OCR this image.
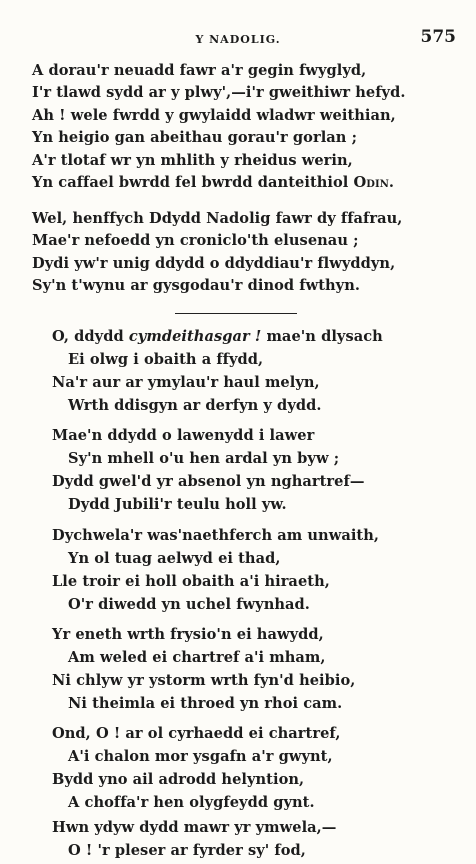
Y NADOLIG.	575
A dorau'r neuadd fawr a'r gegin fwyglyd,
I'r tlawd sydd ar y plwy',—i'r gweithiwr hefyd.
Ah ! wele fwrdd y gwylaidd wladwr weithian,
Yn heigio gan abeithau gorau'r gorlan ;
A'r tlotaf wr yn mhlith y rheidus werin,
Yn caffael bwrdd fel bwrdd danteithiol Odin.
Wel, henffych Ddydd Nadolig fawr dy ffafrau,
Mae'r nefoedd yn croniclo'th elusenau ;
Dydi yw'r unig ddydd o ddyddiau'r flwyddyn,
Sy'n t'wynu ar gysgodau'r dinod fwthyn.
O, ddydd cymdeithasgar ! mae'n dlysach
Ei olwg i obaith a ffydd,
Na'r aur ar ymylau'r haul melyn,
Wrth ddisgyn ar derfyn y dydd.
Mae'n ddydd o lawenydd i lawer
Sy'n mhell o'u hen ardal yn byw ;
Dydd gwel'd yr absenol yn nghartref—
Dydd Jubili'r teulu holl yw.
Dychwela'r was'naethferch am unwaith,
Yn ol tuag aelwyd ei thad,
Lle troir ei holl obaith a'i hiraeth,
O'r diwedd yn uchel fwynhad.
Yr eneth wrth frysio'n ei hawydd,
Am weled ei chartref a'i mham,
Ni chlyw yr ystorm wrth fyn'd heibio,
Ni theimla ei throed yn rhoi cam.
Ond, O ! ar ol cyrhaedd ei chartref,
A'i chalon mor ysgafn a'r gwynt,
Bydd yno ail adrodd helyntion,
A choffa'r hen olygfeydd gynt.
Hwn ydyw dydd mawr yr ymwela,—
O ! 'r pleser ar fyrder sy' fod,
